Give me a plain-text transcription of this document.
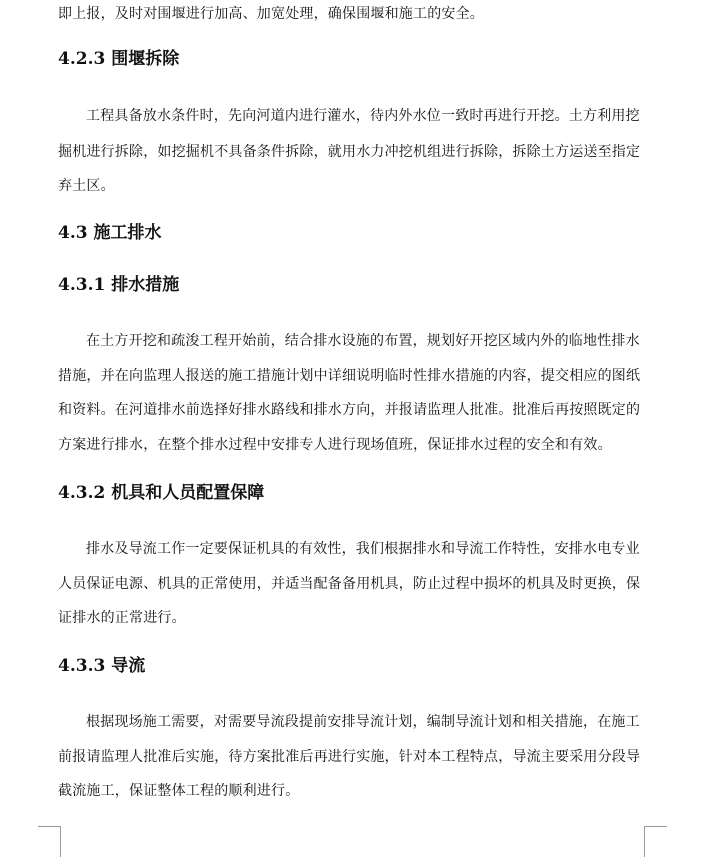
即上报，及时对围堰进行加高、加宽处理，确保围堰和施工的安全。
4.2.3 围堰拆除
工程具备放水条件时，先向河道内进行灌水，待内外水位一致时再进行开挖。土方利用挖
掘机进行拆除，如挖掘机不具备条件拆除，就用水力冲挖机组进行拆除，拆除土方运送至指定
弃土区。
4.3 施工排水
4.3.1 排水措施
在土方开挖和疏浚工程开始前，结合排水设施的布置，规划好开挖区域内外的临地性排水
措施，并在向监理人报送的施工措施计划中详细说明临时性排水措施的内容，提交相应的图纸
和资料。在河道排水前选择好排水路线和排水方向，并报请监理人批准。批准后再按照既定的
方案进行排水，在整个排水过程中安排专人进行现场值班，保证排水过程的安全和有效。
4.3.2 机具和人员配置保障
排水及导流工作一定要保证机具的有效性，我们根据排水和导流工作特性，安排水电专业
人员保证电源、机具的正常使用，并适当配备备用机具，防止过程中损坏的机具及时更换，保
证排水的正常进行。
4.3.3 导流
根据现场施工需要，对需要导流段提前安排导流计划，编制导流计划和相关措施，在施工
前报请监理人批准后实施，待方案批准后再进行实施，针对本工程特点，导流主要采用分段导
截流施工，保证整体工程的顺利进行。
